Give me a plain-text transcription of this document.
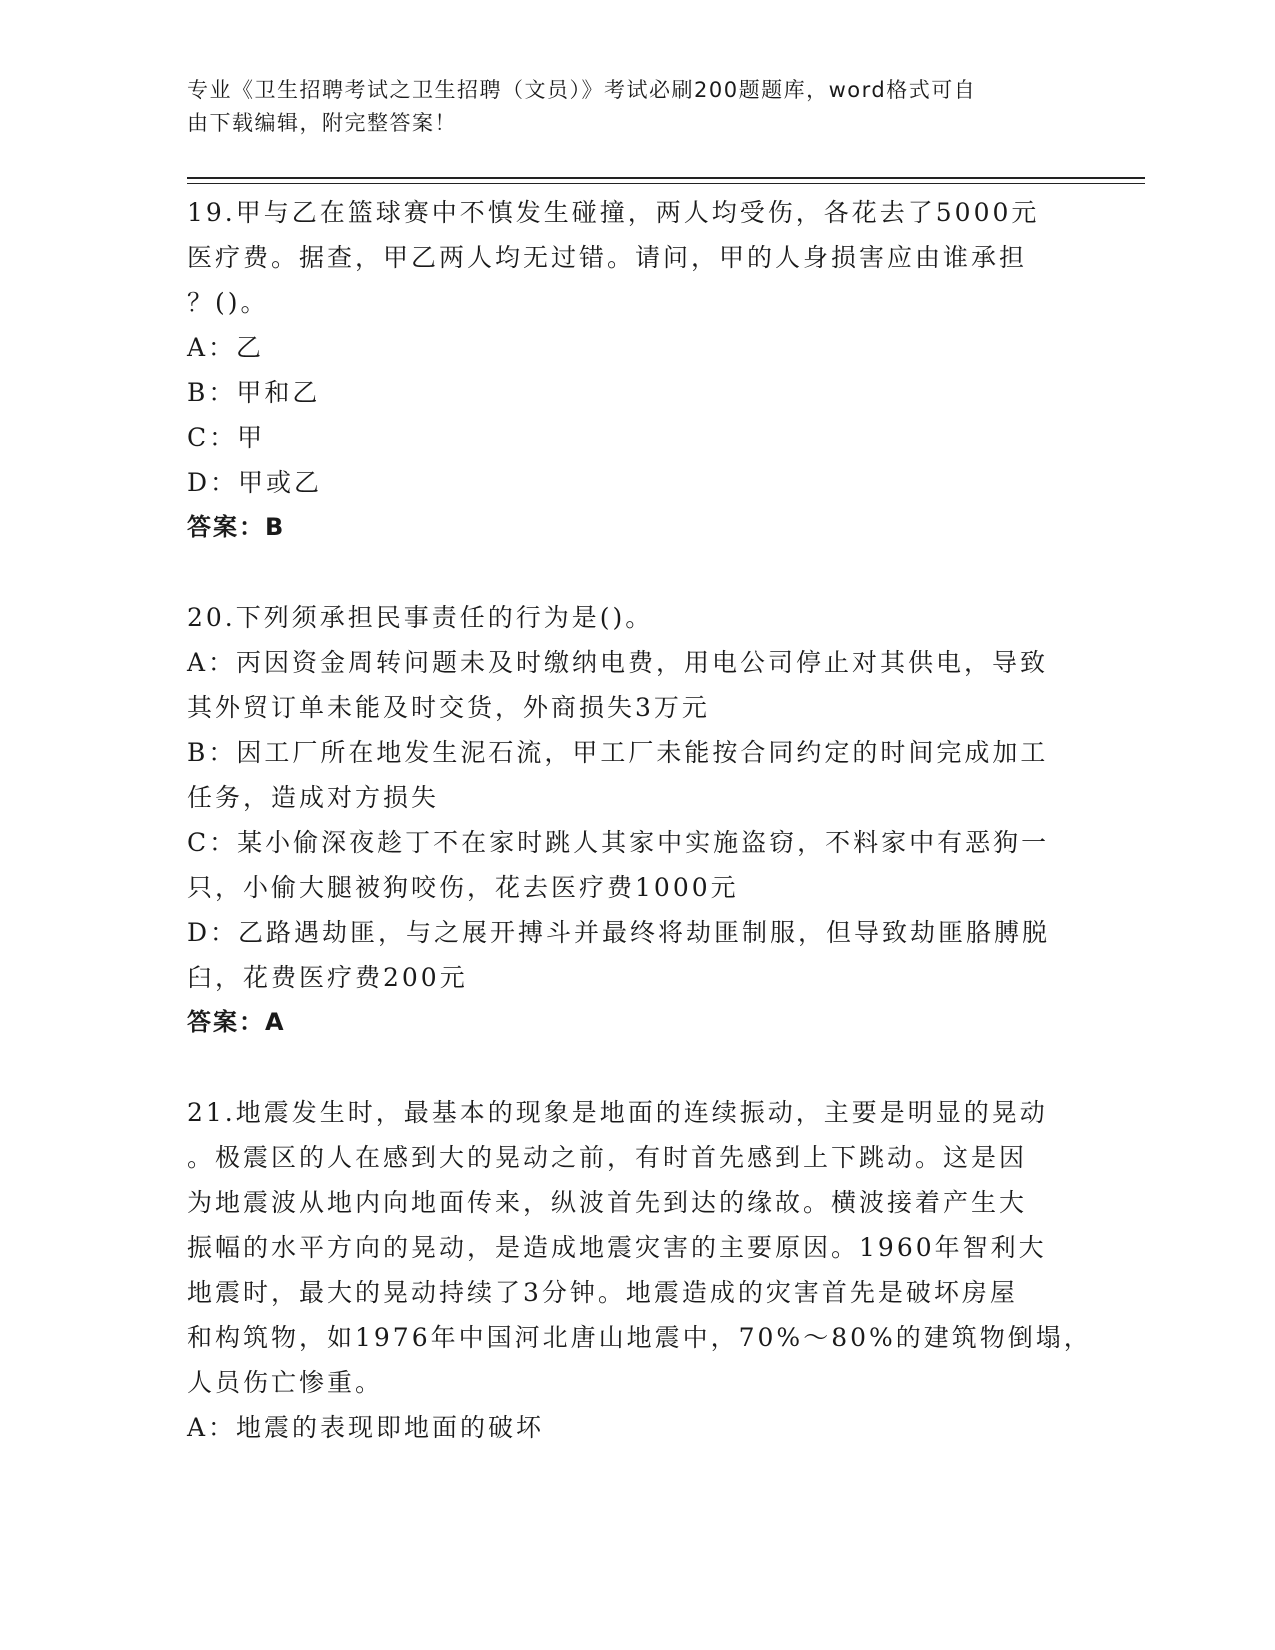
专业《卫生招聘考试之卫生招聘（文员）》考试必刷200题题库，word格式可自
由下载编辑，附完整答案！
19.甲与乙在篮球赛中不慎发生碰撞，两人均受伤，各花去了5000元
医疗费。据查，甲乙两人均无过错。请问，甲的人身损害应由谁承担
？()。
A：乙
B：甲和乙
C：甲
D：甲或乙
答案：B
20.下列须承担民事责任的行为是()。
A：丙因资金周转问题未及时缴纳电费，用电公司停止对其供电，导致
其外贸订单未能及时交货，外商损失3万元
B：因工厂所在地发生泥石流，甲工厂未能按合同约定的时间完成加工
任务，造成对方损失
C：某小偷深夜趁丁不在家时跳人其家中实施盗窃，不料家中有恶狗一
只，小偷大腿被狗咬伤，花去医疗费1000元
D：乙路遇劫匪，与之展开搏斗并最终将劫匪制服，但导致劫匪胳膊脱
臼，花费医疗费200元
答案：A
21.地震发生时，最基本的现象是地面的连续振动，主要是明显的晃动
。极震区的人在感到大的晃动之前，有时首先感到上下跳动。这是因
为地震波从地内向地面传来，纵波首先到达的缘故。横波接着产生大
振幅的水平方向的晃动，是造成地震灾害的主要原因。1960年智利大
地震时，最大的晃动持续了3分钟。地震造成的灾害首先是破坏房屋
和构筑物，如1976年中国河北唐山地震中，70%～80%的建筑物倒塌，
人员伤亡惨重。
A：地震的表现即地面的破坏
